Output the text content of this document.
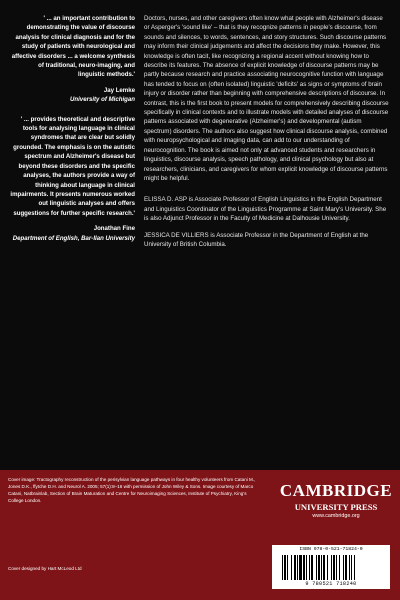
' ... an important contribution to demonstrating the value of discourse analysis for clinical diagnosis and for the study of patients with neurological and affective disorders ... a welcome synthesis of traditional, neuro-imaging, and linguistic methods.'

Jay Lemke

University of Michigan

' ... provides theoretical and descriptive tools for analysing language in clinical syndromes that are clear but solidly grounded. The emphasis is on the autistic spectrum and Alzheimer's disease but beyond these disorders and the specific analyses, the authors provide a way of thinking about language in clinical impairments. It presents numerous worked out linguistic analyses and offers suggestions for further specific research.'

Jonathan Fine

Department of English, Bar-Ilan University

Doctors, nurses, and other caregivers often know what people with Alzheimer's disease or Asperger's 'sound like' – that is they recognize patterns in people's discourse, from sounds and silences, to words, sentences, and story structures. Such discourse patterns may inform their clinical judgements and affect the decisions they make. However, this knowledge is often tacit, like recognizing a regional accent without knowing how to describe its features. The absence of explicit knowledge of discourse patterns may be partly because research and practice associating neurocognitive function with language has tended to focus on (often isolated) linguistic 'deficits' as signs or symptoms of brain injury or disorder rather than beginning with comprehensive descriptions of discourse. In contrast, this is the first book to present models for comprehensively describing discourse specifically in clinical contexts and to illustrate models with detailed analyses of discourse patterns associated with degenerative (Alzheimer's) and developmental (autism spectrum) disorders. The authors also suggest how clinical discourse analysis, combined with neuropsychological and imaging data, can add to our understanding of neurocognition. The book is aimed not only at advanced students and researchers in linguistics, discourse analysis, speech pathology, and clinical psychology but also at researchers, clinicians, and caregivers for whom explicit knowledge of discourse patterns might be helpful.

ELISSA D. ASP is Associate Professor of English Linguistics in the English Department and Linguistics Coordinator of the Linguistics Programme at Saint Mary's University. She is also Adjunct Professor in the Faculty of Medicine at Dalhousie University.

JESSICA DE VILLIERS is Associate Professor in the Department of English at the University of British Columbia.

Cover image: Tractography reconstruction of the perisylvian language pathways in four healthy volunteers from Catani M., Jones D.K., ffytche D.H. and Neurol A. 2005; 57(1):8–16 with permission of John Wiley & Sons. Image courtesy of Marco Catani, Natbrainlab, Section of Brain Maturation and Centre for Neuroimaging Sciences, Institute of Psychiatry, King's College London.
Cover designed by Hart McLeod Ltd
CAMBRIDGE
UNIVERSITY PRESS
www.cambridge.org
ISBN 978-0-521-71824-0
9 780521 718240
